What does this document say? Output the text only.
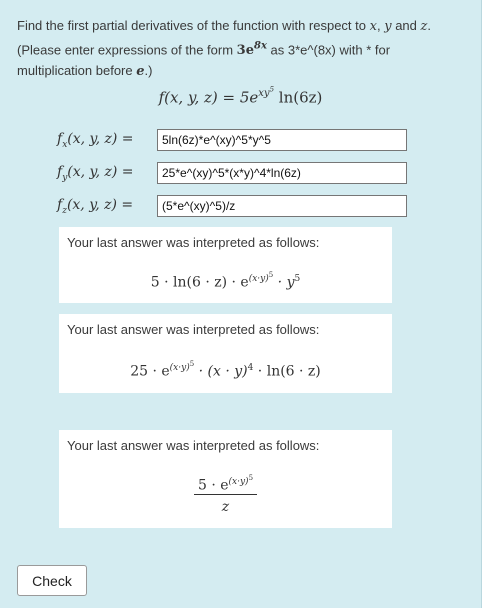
Find the first partial derivatives of the function with respect to x, y and z. (Please enter expressions of the form $3e^{8x}$ as 3*e^(8x) with * for multiplication before e.)
f(x, y, $z) = 5e^{xy^5}$ ln(6z)
$f_x(x$, y, z) =
5ln(6z)*e^(xy)^5*y^5
$f_y(x$, y, z) =
25*e^(xy)^5*(x*y)^4*ln(6z)
$f_z(x$, y, z) =
(5*e^(xy)^5)/z
Your last answer was interpreted as follows:
$5 \cdot \ln(6 \cdot z) \cdot e^{(x\cdot y)^5} \cdot y^5$
Your last answer was interpreted as follows:
$25 \cdot e^{(x\cdot y)^5} \cdot (x \cdot y)^4 \cdot \ln(6 \cdot z)$
Your last answer was interpreted as follows:
$\frac{5 \cdot e^{(x\cdot y)^5}}{z}$
Check
